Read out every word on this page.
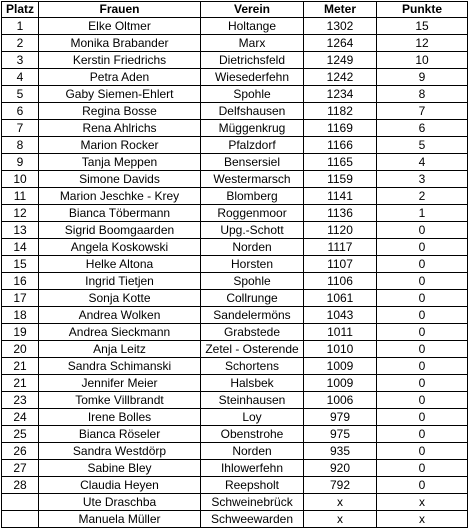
Platz	Frauen	Verein	Meter	Punkte
1	Elke Oltmer	Holtange	1302	15
2	Monika Brabander	Marx	1264	12
3	Kerstin Friedrichs	Dietrichsfeld	1249	10
4	Petra Aden	Wiesederfehn	1242	9
5	Gaby Siemen-Ehlert	Spohle	1234	8
6	Regina Bosse	Delfshausen	1182	7
7	Rena Ahlrichs	Müggenkrug	1169	6
8	Marion Rocker	Pfalzdorf	1166	5
9	Tanja Meppen	Bensersiel	1165	4
10	Simone Davids	Westermarsch	1159	3
11	Marion Jeschke - Krey	Blomberg	1141	2
12	Bianca Töbermann	Roggenmoor	1136	1
13	Sigrid Boomgaarden	Upg.-Schott	1120	0
14	Angela Koskowski	Norden	1117	0
15	Helke Altona	Horsten	1107	0
16	Ingrid Tietjen	Spohle	1106	0
17	Sonja Kotte	Collrunge	1061	0
18	Andrea Wolken	Sandelermöns	1043	0
19	Andrea Sieckmann	Grabstede	1011	0
20	Anja Leitz	Zetel - Osterende	1010	0
21	Sandra Schimanski	Schortens	1009	0
21	Jennifer Meier	Halsbek	1009	0
23	Tomke Villbrandt	Steinhausen	1006	0
24	Irene Bolles	Loy	979	0
25	Bianca Röseler	Obenstrohe	975	0
26	Sandra Westdörp	Norden	935	0
27	Sabine Bley	Ihlowerfehn	920	0
28	Claudia Heyen	Reepsholt	792	0
	Ute Draschba	Schweinebrück	x	x
	Manuela Müller	Schweewarden	x	x
